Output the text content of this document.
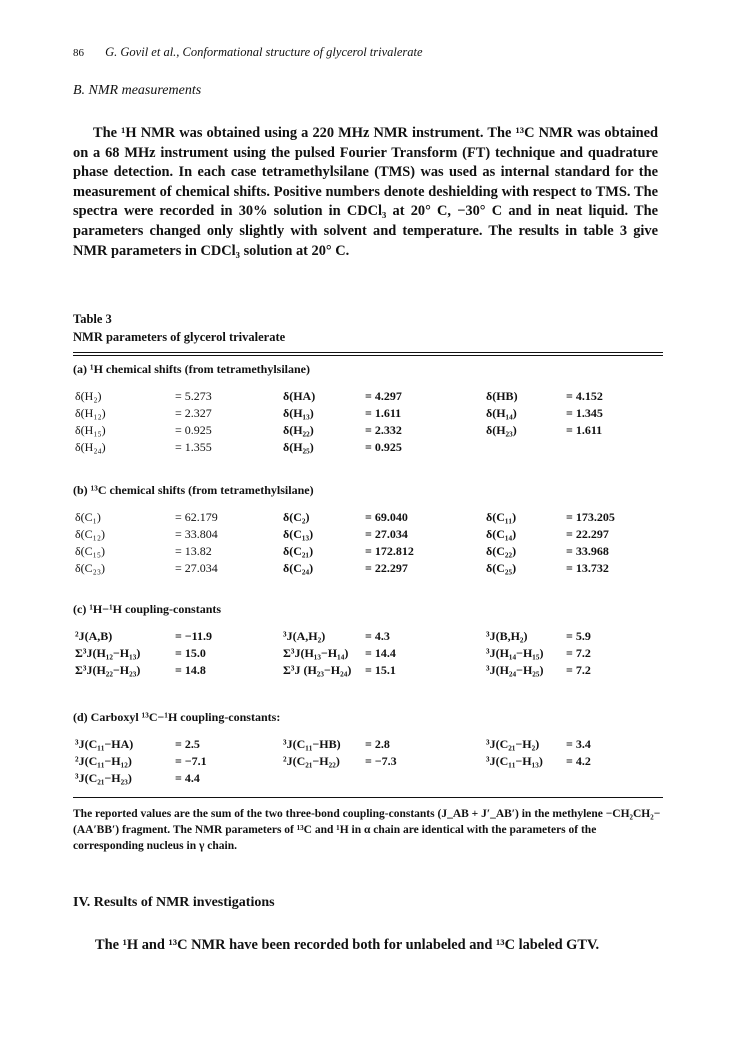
86 G. Govil et al., Conformational structure of glycerol trivalerate
B. NMR measurements
The ¹H NMR was obtained using a 220 MHz NMR instrument. The ¹³C NMR was obtained on a 68 MHz instrument using the pulsed Fourier Transform (FT) technique and quadrature phase detection. In each case tetramethylsilane (TMS) was used as internal standard for the measurement of chemical shifts. Positive numbers denote deshielding with respect to TMS. The spectra were recorded in 30% solution in CDCl₃ at 20° C, −30° C and in neat liquid. The parameters changed only slightly with solvent and temperature. The results in table 3 give NMR parameters in CDCl₃ solution at 20° C.
Table 3
NMR parameters of glycerol trivalerate
(a) ¹H chemical shifts (from tetramethylsilane)
δ(H₂)	= 5.273	δ(HA)	= 4.297	δ(HB)	= 4.152
δ(H₁₂)	= 2.327	δ(H₁₃)	= 1.611	δ(H₁₄)	= 1.345
δ(H₁₅)	= 0.925	δ(H₂₂)	= 2.332	δ(H₂₃)	= 1.611
δ(H₂₄)	= 1.355	δ(H₂₅)	= 0.925
(b) ¹³C chemical shifts (from tetramethylsilane)
δ(C₁)	= 62.179	δ(C₂)	= 69.040	δ(C₁₁)	= 173.205
δ(C₁₂)	= 33.804	δ(C₁₃)	= 27.034	δ(C₁₄)	= 22.297
δ(C₁₅)	= 13.82	δ(C₂₁)	= 172.812	δ(C₂₂)	= 33.968
δ(C₂₃)	= 27.034	δ(C₂₄)	= 22.297	δ(C₂₅)	= 13.732
(c) ¹H−¹H coupling-constants
²J(A,B)	= −11.9	³J(A,H₂)	= 4.3	³J(B,H₂)	= 5.9
Σ³J(H₁₂−H₁₃)	= 15.0	Σ³J(H₁₃−H₁₄) = 14.4	³J(H₁₄−H₁₅) = 7.2
Σ³J(H₂₂−H₂₃)	= 14.8	Σ³J (H₂₃−H₂₄) = 15.1	³J(H₂₄−H₂₅) = 7.2
(d) Carboxyl ¹³C−¹H coupling-constants:
³J(C₁₁−HA)	= 2.5	³J(C₁₁−HB) = 2.8	³J(C₂₁−H₂) = 3.4
²J(C₁₁−H₁₂)	= −7.1	²J(C₂₁−H₂₂) = −7.3	³J(C₁₁−H₁₃) = 4.2
³J(C₂₁−H₂₃)	= 4.4
The reported values are the sum of the two three-bond coupling-constants (J_AB + J′_AB′) in the methylene −CH₂CH₂− (AA′BB′) fragment. The NMR parameters of ¹³C and ¹H in α chain are identical with the parameters of the corresponding nucleus in γ chain.
IV. Results of NMR investigations
The ¹H and ¹³C NMR have been recorded both for unlabeled and ¹³C labeled GTV.
